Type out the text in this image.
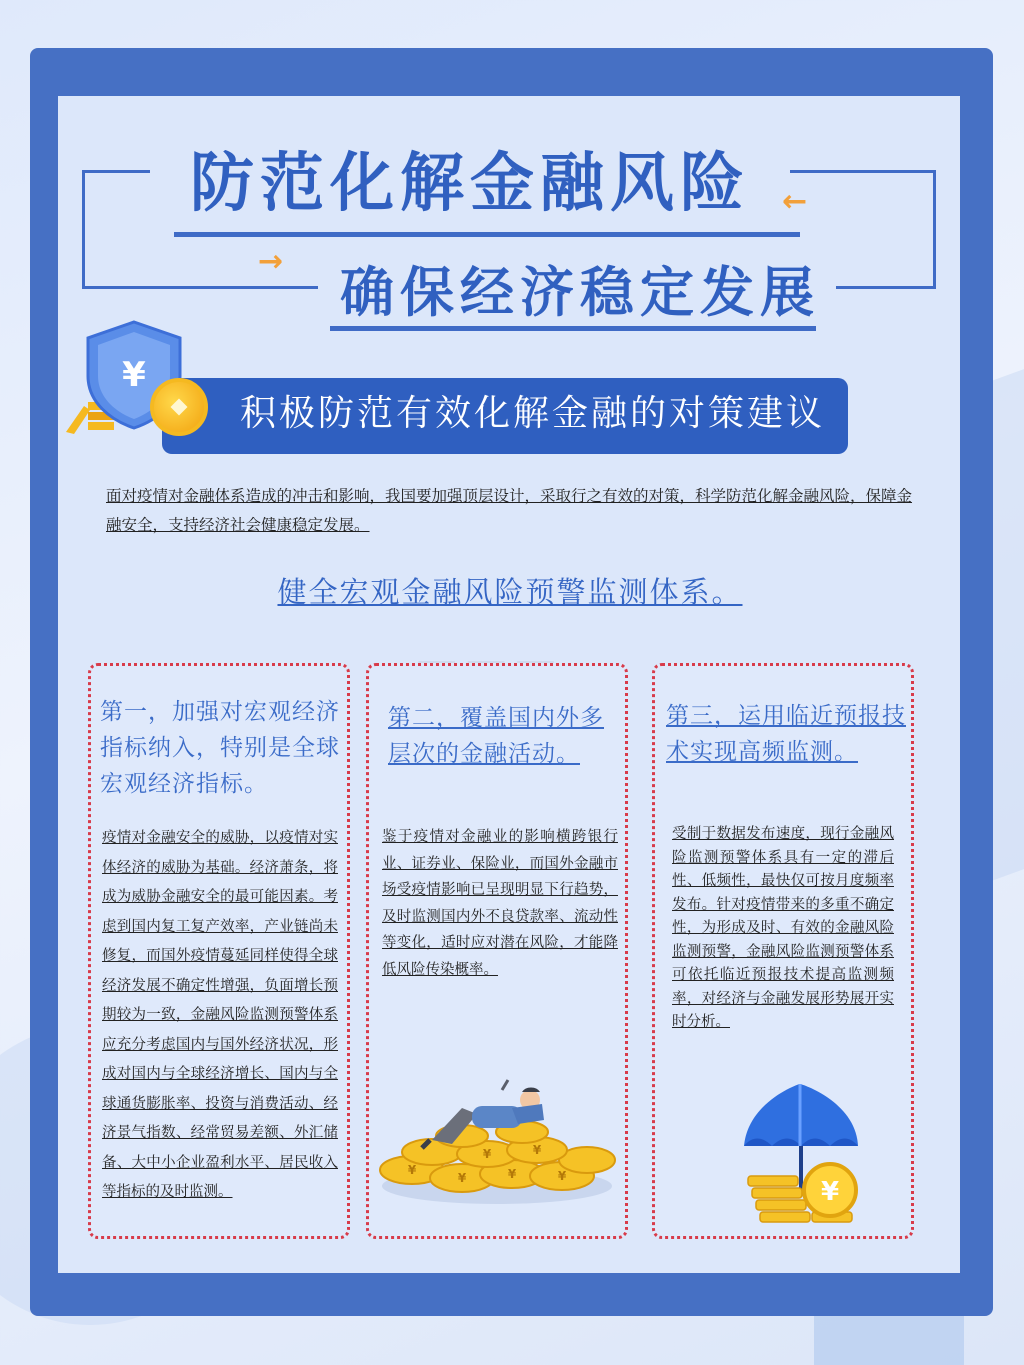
防范化解金融风险
确保经济稳定发展
←
→
¥
积极防范有效化解金融的对策建议
面对疫情对金融体系造成的冲击和影响，我国要加强顶层设计，采取行之有效的对策，科学防范化解金融风险，保障金融安全，支持经济社会健康稳定发展。
健全宏观金融风险预警监测体系。
第一，加强对宏观经济指标纳入，特别是全球宏观经济指标。
疫情对金融安全的威胁，以疫情对实体经济的威胁为基础。经济萧条，将成为威胁金融安全的最可能因素。考虑到国内复工复产效率，产业链尚未修复，而国外疫情蔓延同样使得全球经济发展不确定性增强，负面增长预期较为一致，金融风险监测预警体系应充分考虑国内与国外经济状况，形成对国内与全球经济增长、国内与全球通货膨胀率、投资与消费活动、经济景气指数、经常贸易差额、外汇储备、大中小企业盈利水平、居民收入等指标的及时监测。
第二，覆盖国内外多层次的金融活动。
鉴于疫情对金融业的影响横跨银行业、证券业、保险业，而国外金融市场受疫情影响已呈现明显下行趋势，及时监测国内外不良贷款率、流动性等变化，适时应对潜在风险，才能降低风险传染概率。
¥
¥	¥	¥
¥	¥
第三，运用临近预报技术实现高频监测。
受制于数据发布速度，现行金融风险监测预警体系具有一定的滞后性、低频性，最快仅可按月度频率发布。针对疫情带来的多重不确定性，为形成及时、有效的金融风险监测预警，金融风险监测预警体系可依托临近预报技术提高监测频率，对经济与金融发展形势展开实时分析。
¥
